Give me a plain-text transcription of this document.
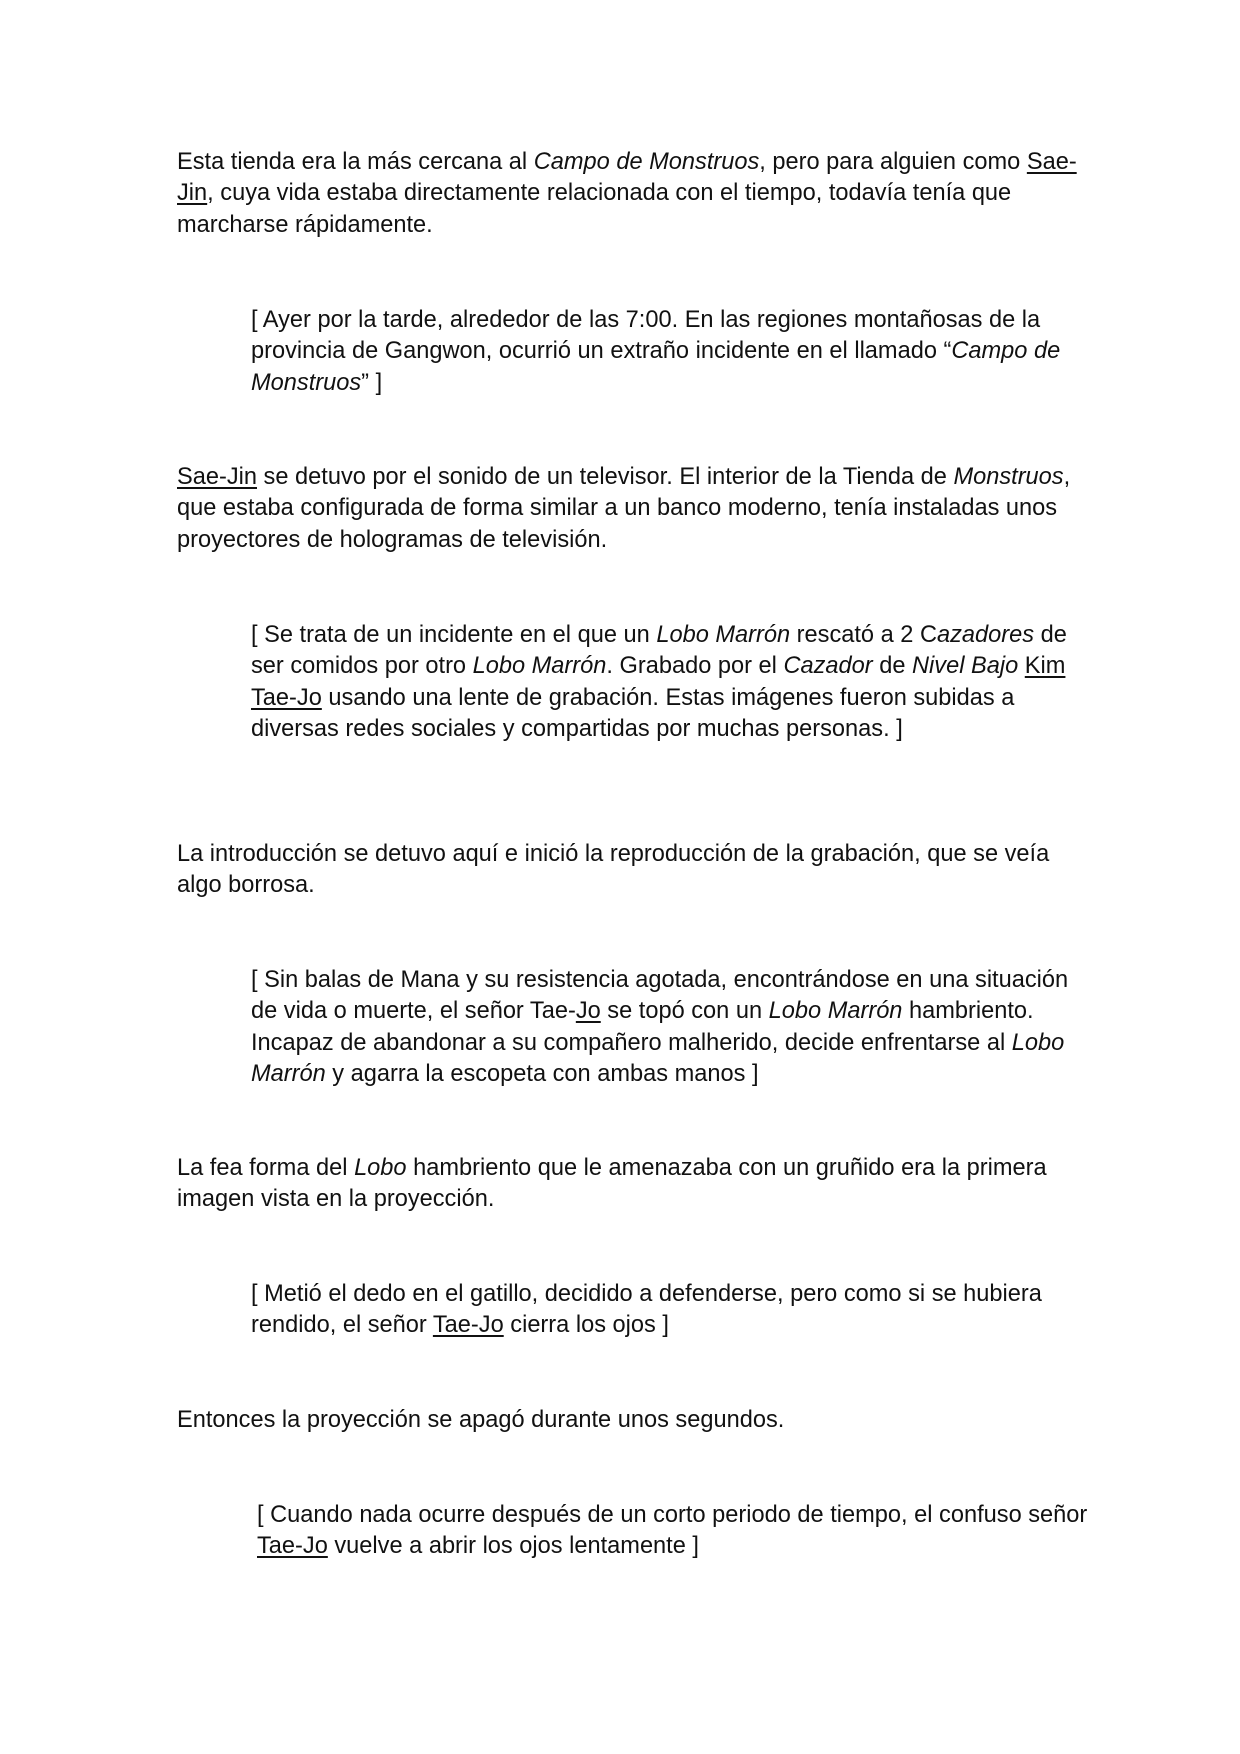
Esta tienda era la más cercana al Campo de Monstruos, pero para alguien como Sae-Jin, cuya vida estaba directamente relacionada con el tiempo, todavía tenía que marcharse rápidamente.

[ Ayer por la tarde, alrededor de las 7:00. En las regiones montañosas de la provincia de Gangwon, ocurrió un extraño incidente en el llamado “Campo de Monstruos” ]

Sae-Jin se detuvo por el sonido de un televisor. El interior de la Tienda de Monstruos, que estaba configurada de forma similar a un banco moderno, tenía instaladas unos proyectores de hologramas de televisión.

[ Se trata de un incidente en el que un Lobo Marrón rescató a 2 Cazadores de ser comidos por otro Lobo Marrón. Grabado por el Cazador de Nivel Bajo Kim Tae-Jo usando una lente de grabación. Estas imágenes fueron subidas a diversas redes sociales y compartidas por muchas personas. ]

La introducción se detuvo aquí e inició la reproducción de la grabación, que se veía algo borrosa.

[ Sin balas de Mana y su resistencia agotada, encontrándose en una situación de vida o muerte, el señor Tae-Jo se topó con un Lobo Marrón hambriento. Incapaz de abandonar a su compañero malherido, decide enfrentarse al Lobo Marrón y agarra la escopeta con ambas manos ]

La fea forma del Lobo hambriento que le amenazaba con un gruñido era la primera imagen vista en la proyección.

[ Metió el dedo en el gatillo, decidido a defenderse, pero como si se hubiera rendido, el señor Tae-Jo cierra los ojos ]

Entonces la proyección se apagó durante unos segundos.

[ Cuando nada ocurre después de un corto periodo de tiempo, el confuso señor Tae-Jo vuelve a abrir los ojos lentamente ]
